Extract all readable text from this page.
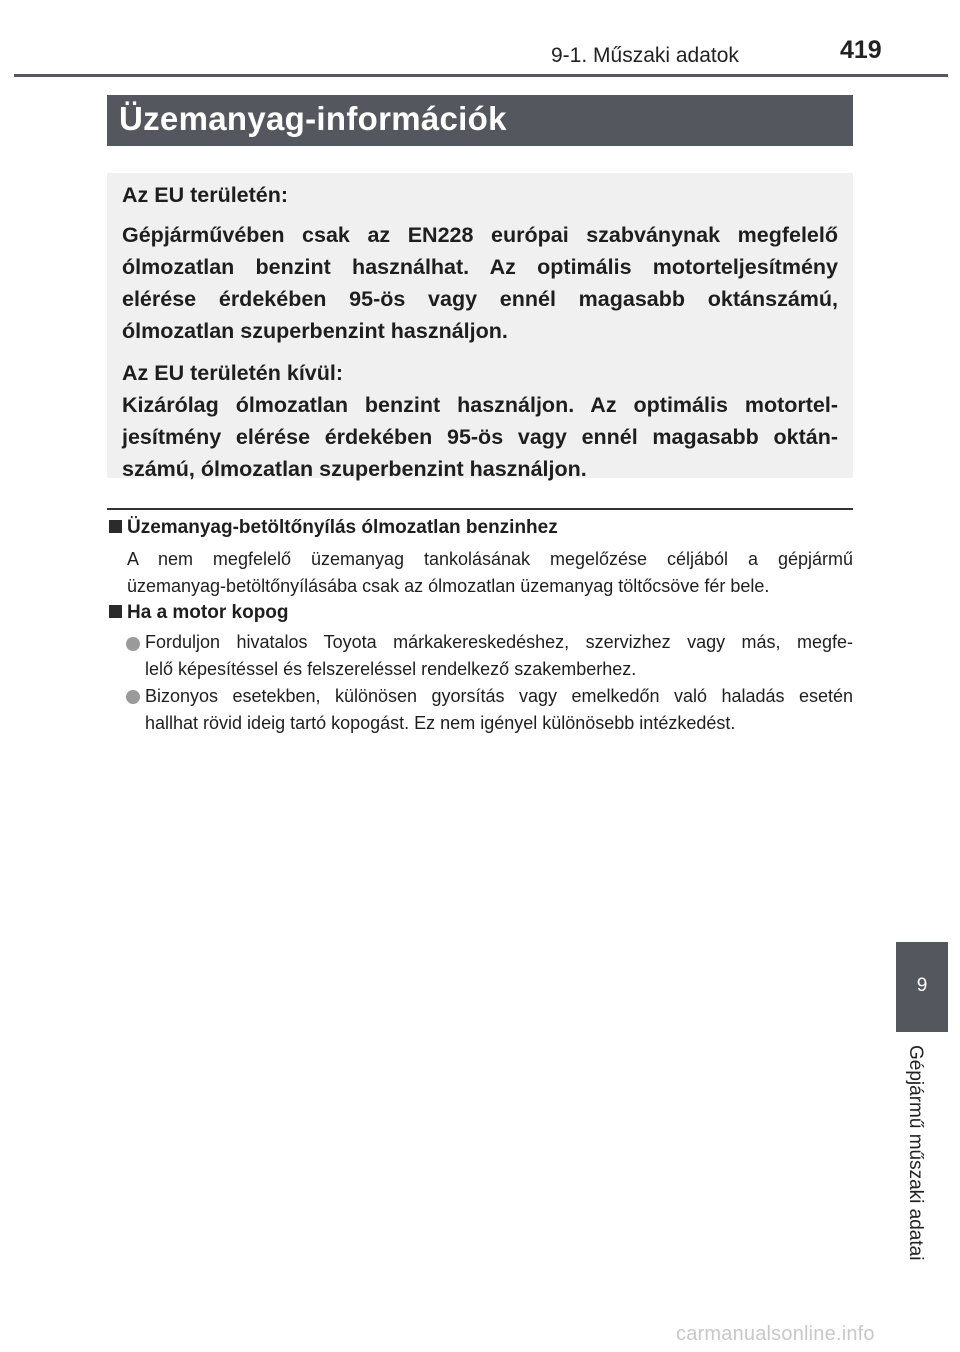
9-1. Műszaki adatok	419
Üzemanyag-információk

Az EU területén:

Gépjárművében csak az EN228 európai szabványnak megfelelő

ólmozatlan benzint használhat. Az optimális motorteljesítmény

elérése érdekében 95-ös vagy ennél magasabb oktánszámú,

ólmozatlan szuperbenzint használjon.

Az EU területén kívül:

Kizárólag ólmozatlan benzint használjon. Az optimális motortel-

jesítmény elérése érdekében 95-ös vagy ennél magasabb oktán-

számú, ólmozatlan szuperbenzint használjon.

Üzemanyag-betöltőnyílás ólmozatlan benzinhez
A nem megfelelő üzemanyag tankolásának megelőzése céljából a gépjármű
üzemanyag-betöltőnyílásába csak az ólmozatlan üzemanyag töltőcsöve fér bele.
Ha a motor kopog
Forduljon hivatalos Toyota márkakereskedéshez, szervizhez vagy más, megfe-
lelő képesítéssel és felszereléssel rendelkező szakemberhez.
Bizonyos esetekben, különösen gyorsítás vagy emelkedőn való haladás esetén
hallhat rövid ideig tartó kopogást. Ez nem igényel különösebb intézkedést.
9
Gépjármű műszaki adatai
carmanualsonline.info
